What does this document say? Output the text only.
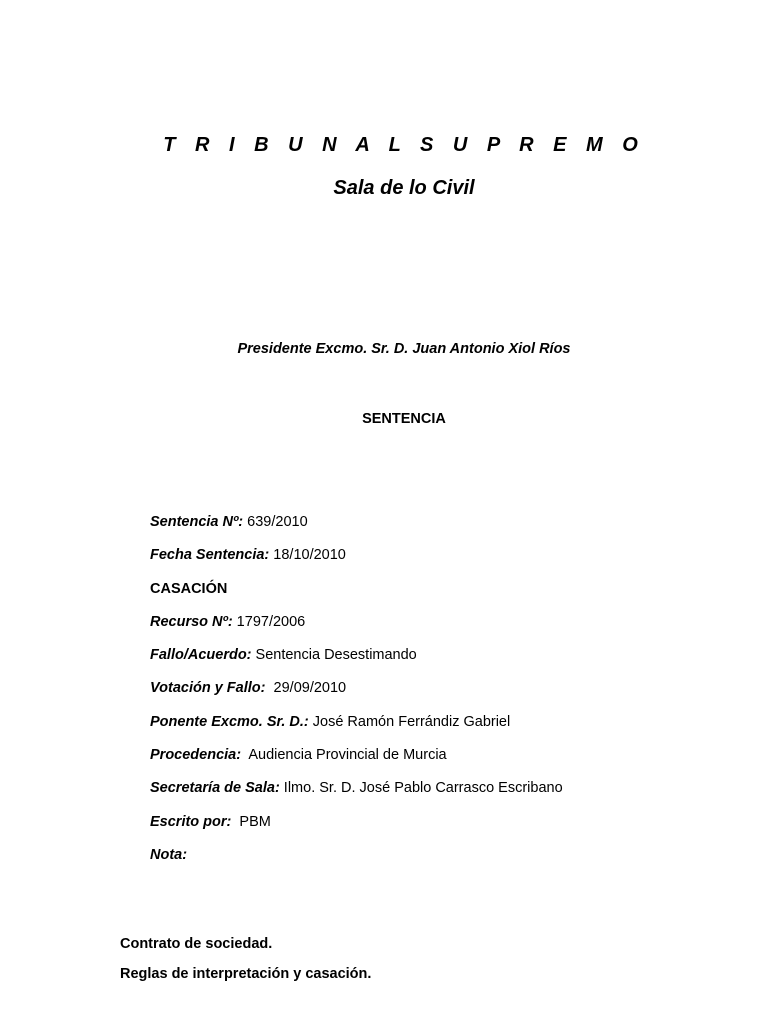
T R I B U N A L S U P R E M O
Sala de lo Civil
Presidente Excmo. Sr. D. Juan Antonio Xiol Ríos
SENTENCIA
Sentencia Nº: 639/2010
Fecha Sentencia: 18/10/2010
CASACIÓN
Recurso Nº: 1797/2006
Fallo/Acuerdo: Sentencia Desestimando
Votación y Fallo:  29/09/2010
Ponente Excmo. Sr. D.: José Ramón Ferrándiz Gabriel
Procedencia:  Audiencia Provincial de Murcia
Secretaría de Sala: Ilmo. Sr. D. José Pablo Carrasco Escribano
Escrito por:  PBM
Nota:
Contrato de sociedad.
Reglas de interpretación y casación.
